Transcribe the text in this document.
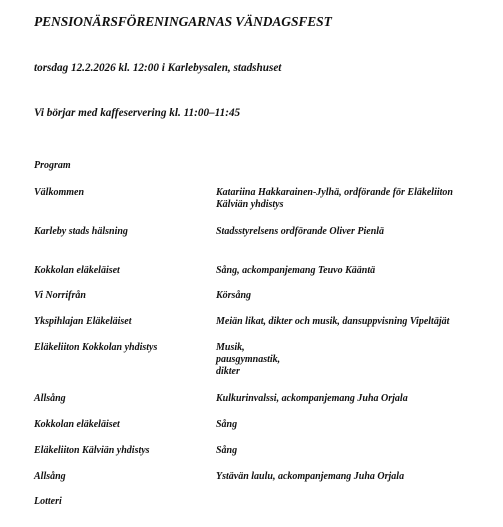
PENSIONÄRSFÖRENINGARNAS VÄNDAGSFEST
torsdag 12.2.2026 kl. 12:00 i Karlebysalen, stadshuset
Vi börjar med kaffeservering kl. 11:00–11:45
Program
Välkommen	Katariina Hakkarainen-Jylhä, ordförande för Eläkeliiton
Kälviän yhdistys
Karleby stads hälsning	Stadsstyrelsens ordförande Oliver Pienlä
Kokkolan eläkeläiset	Sång, ackompanjemang Teuvo Kääntä
Vi Norrifrån	Körsång
Ykspihlajan Eläkeläiset	Meiän likat, dikter och musik, dansuppvisning Vipeltäjät
Eläkeliiton Kokkolan yhdistys	Musik,
pausgymnastik,
dikter
Allsång	Kulkurinvalssi, ackompanjemang Juha Orjala
Kokkolan eläkeläiset	Sång
Eläkeliiton Kälviän yhdistys	Sång
Allsång	Ystävän laulu, ackompanjemang Juha Orjala
Lotteri
